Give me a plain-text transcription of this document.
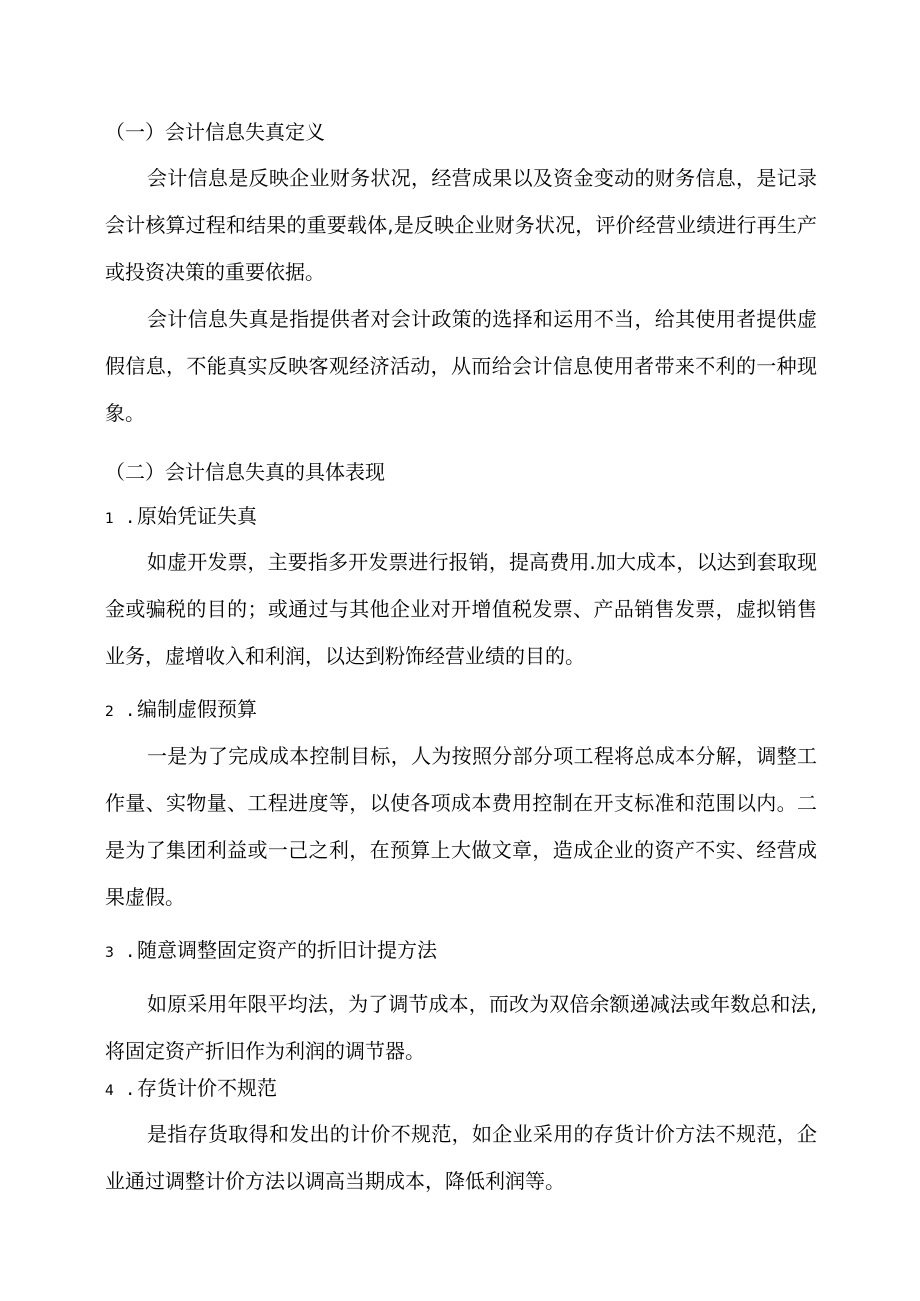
（一）会计信息失真定义

会计信息是反映企业财务状况，经营成果以及资金变动的财务信息，是记录会计核算过程和结果的重要载体,是反映企业财务状况，评价经营业绩进行再生产或投资决策的重要依据。

会计信息失真是指提供者对会计政策的选择和运用不当，给其使用者提供虚假信息，不能真实反映客观经济活动，从而给会计信息使用者带来不利的一种现象。

（二）会计信息失真的具体表现
1 . 原始凭证失真

如虚开发票，主要指多开发票进行报销，提高费用.加大成本，以达到套取现金或骗税的目的；或通过与其他企业对开增值税发票、产品销售发票，虚拟销售业务，虚增收入和利润，以达到粉饰经营业绩的目的。

2 . 编制虚假预算

一是为了完成成本控制目标，人为按照分部分项工程将总成本分解，调整工作量、实物量、工程进度等，以使各项成本费用控制在开支标准和范围以内。二是为了集团利益或一己之利，在预算上大做文章，造成企业的资产不实、经营成果虚假。

3 . 随意调整固定资产的折旧计提方法

如原采用年限平均法，为了调节成本，而改为双倍余额递减法或年数总和法,将固定资产折旧作为利润的调节器。

4 . 存货计价不规范

是指存货取得和发出的计价不规范，如企业采用的存货计价方法不规范，企业通过调整计价方法以调高当期成本，降低利润等。
